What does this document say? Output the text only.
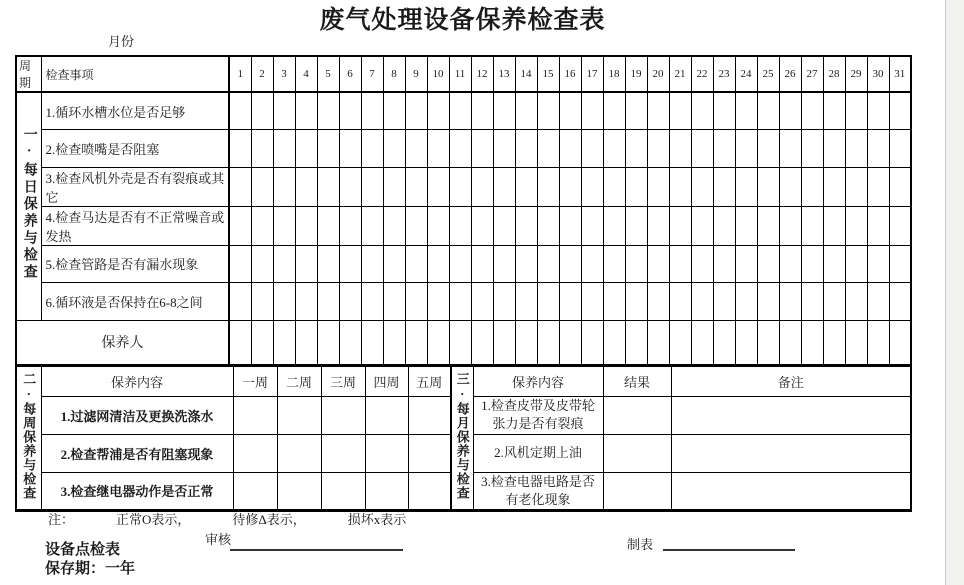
废气处理设备保养检查表
月份
周期	检查事项	1	2	3	4	5	6	7	8	9	10	11	12	13	14	15	16	17	18	19	20	21	22	23	24	25	26	27	28	29	30	31
一·每日保养与检查	1.循环水槽水位是否足够																															
	2.检查喷嘴是否阻塞																															
	3.检查风机外壳是否有裂痕或其它																															
	4.检查马达是否有不正常噪音或发热																															
	5.检查管路是否有漏水现象																															
	6.循环液是否保持在6-8之间																															
保养人																																
二·每周保养与检查	保养内容	一周	二周	三周	四周	五周	三·每月保养与检查	保养内容	结果	备注
	1.过滤网清洁及更换洗涤水							1.检查皮带及皮带轮张力是否有裂痕		
	2.检查帮浦是否有阻塞现象							2.风机定期上油		
	3.检查继电器动作是否正常							3.检查电器电路是否有老化现象		
注：	正常O表示，	待修Δ表示，	损坏x表示
审核	制表
设备点检表
保存期：一年
